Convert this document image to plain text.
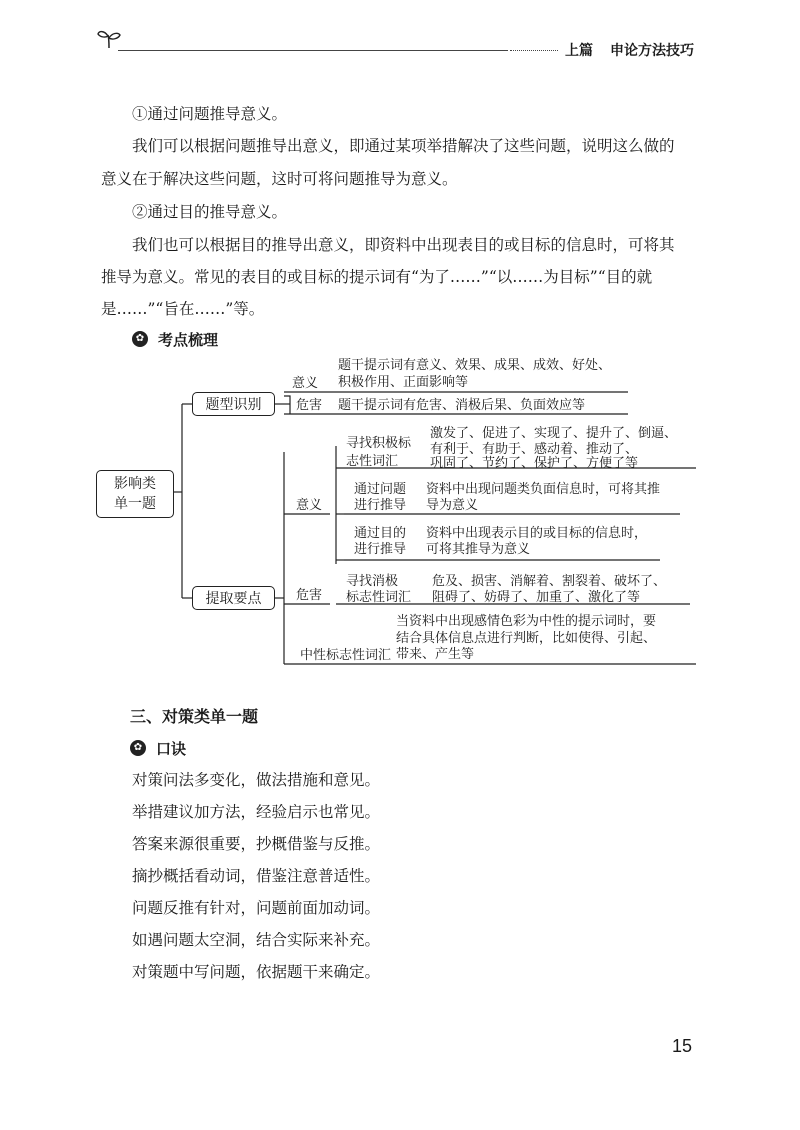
上篇 申论方法技巧
①通过问题推导意义。
我们可以根据问题推导出意义，即通过某项举措解决了这些问题，说明这么做的
意义在于解决这些问题，这时可将问题推导为意义。
②通过目的推导意义。
我们也可以根据目的推导出意义，即资料中出现表目的或目标的信息时，可将其
推导为意义。常见的表目的或目标的提示词有“为了……”“以……为目标”“目的就
是……”“旨在……”等。
✿ 考点梳理
影响类
单一题
题型识别
提取要点
意义
题干提示词有意义、效果、成果、成效、好处、
积极作用、正面影响等
危害 题干提示词有危害、消极后果、负面效应等
意义
寻找积极标
志性词汇
激发了、促进了、实现了、提升了、倒逼、
有利于、有助于、感动着、推动了、
巩固了、节约了、保护了、方便了等
通过问题
进行推导
资料中出现问题类负面信息时，可将其推
导为意义
通过目的
进行推导
资料中出现表示目的或目标的信息时，
可将其推导为意义
危害
寻找消极
标志性词汇
危及、损害、消解着、割裂着、破坏了、
阻碍了、妨碍了、加重了、激化了等
中性标志性词汇
当资料中出现感情色彩为中性的提示词时，要
结合具体信息点进行判断，比如使得、引起、
带来、产生等
三、对策类单一题
✿ 口诀
对策问法多变化，做法措施和意见。
举措建议加方法，经验启示也常见。
答案来源很重要，抄概借鉴与反推。
摘抄概括看动词，借鉴注意普适性。
问题反推有针对，问题前面加动词。
如遇问题太空洞，结合实际来补充。
对策题中写问题，依据题干来确定。
15
